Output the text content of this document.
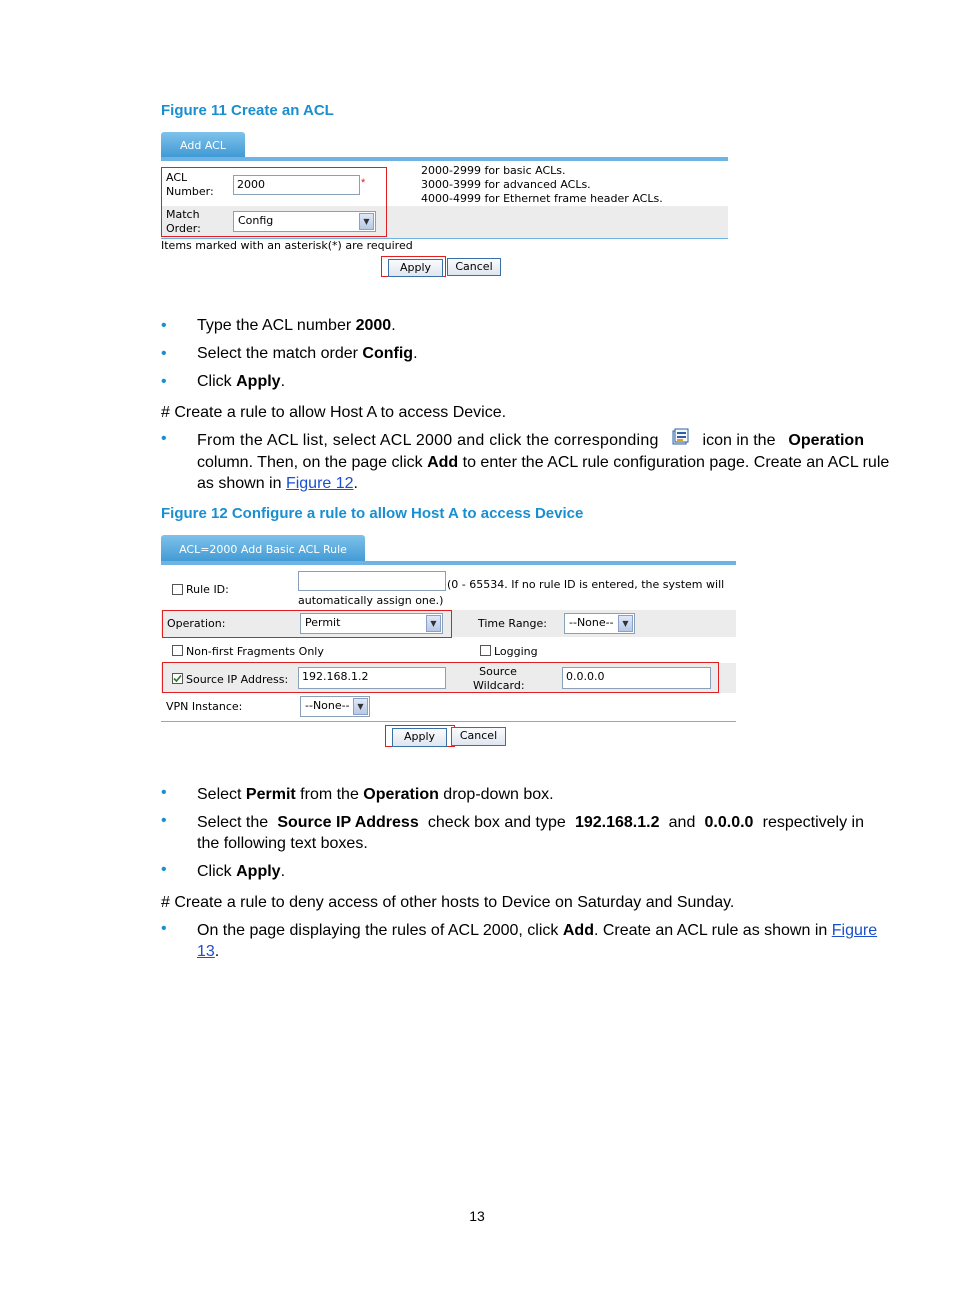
Figure 11 Create an ACL
Add ACL
ACL
Number:
2000	*
2000-2999 for basic ACLs.
3000-3999 for advanced ACLs.
4000-4999 for Ethernet frame header ACLs.
Match
Order:
Config	▼
Items marked with an asterisk(*) are required
Apply	Cancel
• Type the ACL number 2000.
• Select the match order Config.
• Click Apply.
# Create a rule to allow Host A to access Device.
• From the ACL list, select ACL 2000 and click the corresponding	icon in the Operation
column. Then, on the page click Add to enter the ACL rule configuration page. Create an ACL rule
as shown in Figure 12.
Figure 12 Configure a rule to allow Host A to access Device
ACL=2000 Add Basic ACL Rule
Rule ID:	(0 - 65534. If no rule ID is entered, the system will
automatically assign one.)
Operation:	Permit	▼	Time Range:	--None--	▼
Non-first Fragments Only	Logging
Source IP Address:	192.168.1.2	Source
Wildcard:
0.0.0.0
VPN Instance:	--None-- ▼
Apply	Cancel
• Select Permit from the Operation drop-down box.
• Select the Source IP Address check box and type 192.168.1.2 and 0.0.0.0 respectively in
the following text boxes.
• Click Apply.
# Create a rule to deny access of other hosts to Device on Saturday and Sunday.
• On the page displaying the rules of ACL 2000, click Add . Create an ACL rule as shown in Figure
13.
13
